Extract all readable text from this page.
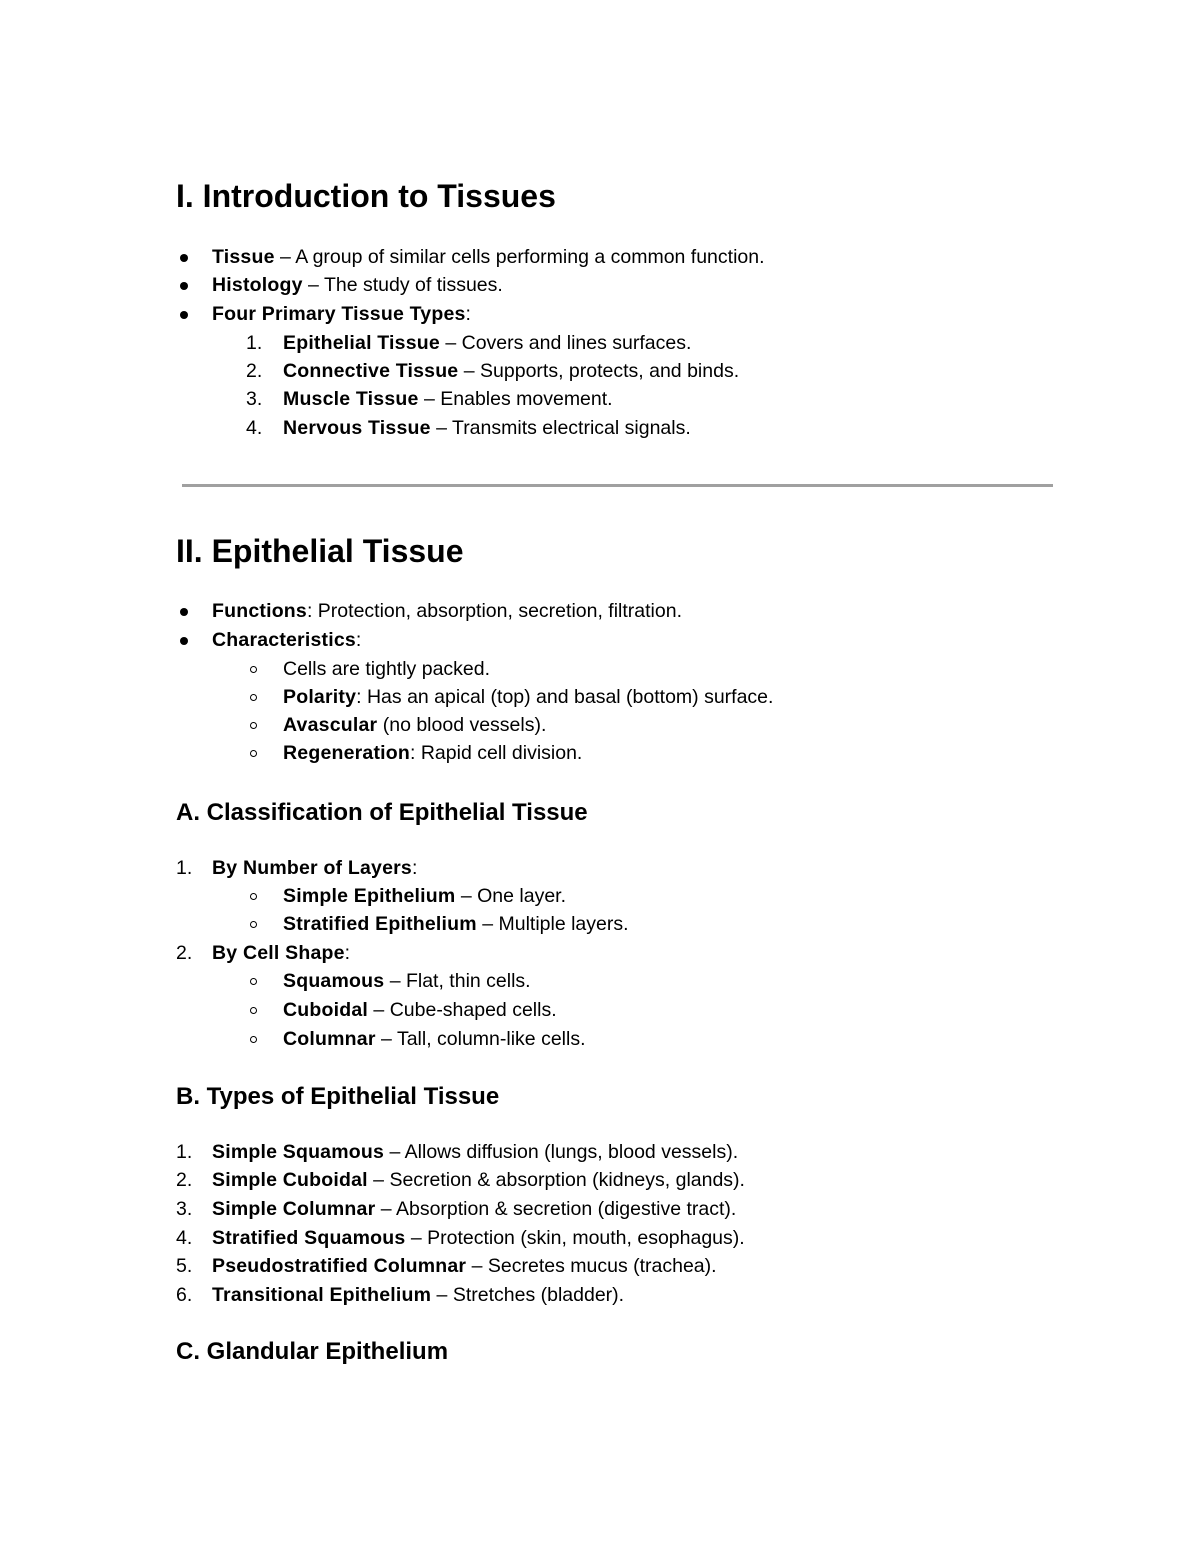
I. Introduction to Tissues
Tissue – A group of similar cells performing a common function.
Histology – The study of tissues.
Four Primary Tissue Types:
1. Epithelial Tissue – Covers and lines surfaces.
2. Connective Tissue – Supports, protects, and binds.
3. Muscle Tissue – Enables movement.
4. Nervous Tissue – Transmits electrical signals.
II. Epithelial Tissue
Functions: Protection, absorption, secretion, filtration.
Characteristics:
Cells are tightly packed.
Polarity: Has an apical (top) and basal (bottom) surface.
Avascular (no blood vessels).
Regeneration: Rapid cell division.
A. Classification of Epithelial Tissue
1. By Number of Layers:
Simple Epithelium – One layer.
Stratified Epithelium – Multiple layers.
2. By Cell Shape:
Squamous – Flat, thin cells.
Cuboidal – Cube-shaped cells.
Columnar – Tall, column-like cells.
B. Types of Epithelial Tissue
1. Simple Squamous – Allows diffusion (lungs, blood vessels).
2. Simple Cuboidal – Secretion & absorption (kidneys, glands).
3. Simple Columnar – Absorption & secretion (digestive tract).
4. Stratified Squamous – Protection (skin, mouth, esophagus).
5. Pseudostratified Columnar – Secretes mucus (trachea).
6. Transitional Epithelium – Stretches (bladder).
C. Glandular Epithelium
